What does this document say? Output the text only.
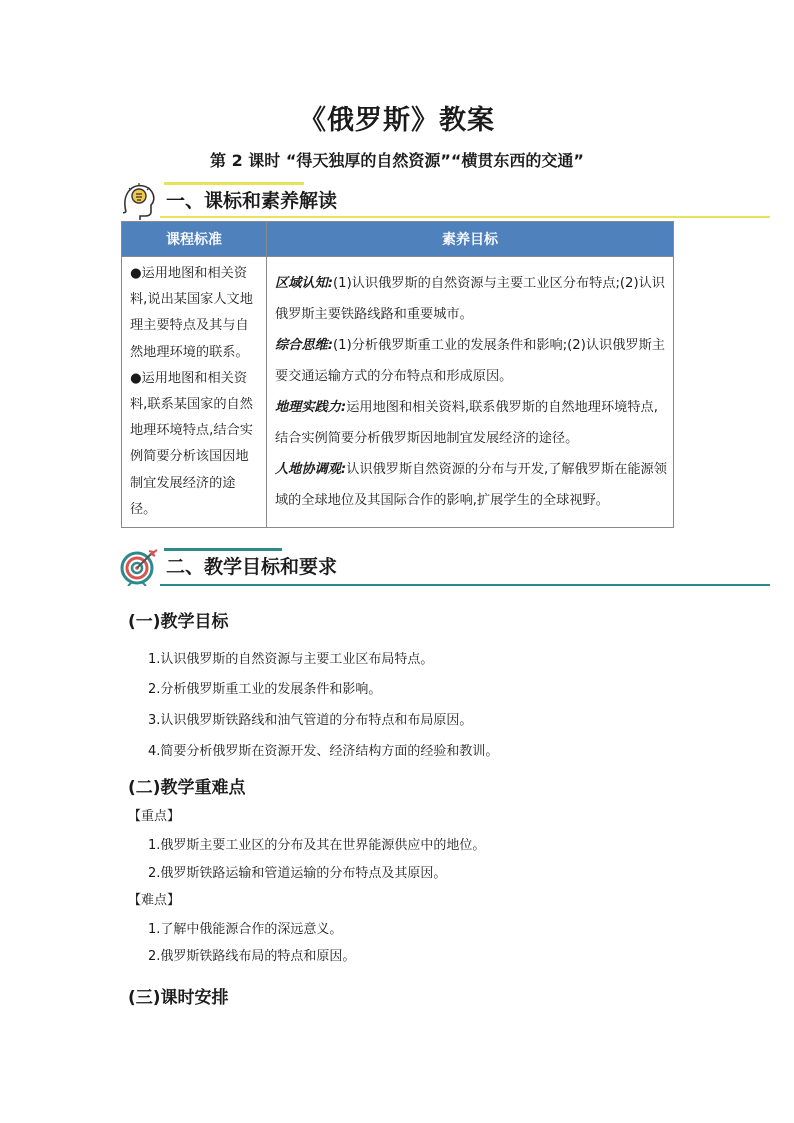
《俄罗斯》教案
第 2 课时 “得天独厚的自然资源”“横贯东西的交通”
一、课标和素养解读
课程标准	素养目标
●运用地图和相关资料,说出某国家人文地理主要特点及其与自然地理环境的联系。●运用地图和相关资料,联系某国家的自然地理环境特点,结合实例简要分析该国因地制宜发展经济的途径。	区域认知:(1)认识俄罗斯的自然资源与主要工业区分布特点;(2)认识俄罗斯主要铁路线路和重要城市。
综合思维:(1)分析俄罗斯重工业的发展条件和影响;(2)认识俄罗斯主要交通运输方式的分布特点和形成原因。
地理实践力:运用地图和相关资料,联系俄罗斯的自然地理环境特点,结合实例简要分析俄罗斯因地制宜发展经济的途径。
人地协调观:认识俄罗斯自然资源的分布与开发,了解俄罗斯在能源领域的全球地位及其国际合作的影响,扩展学生的全球视野。
二、教学目标和要求
(一)教学目标
1.认识俄罗斯的自然资源与主要工业区布局特点。
2.分析俄罗斯重工业的发展条件和影响。
3.认识俄罗斯铁路线和油气管道的分布特点和布局原因。
4.简要分析俄罗斯在资源开发、经济结构方面的经验和教训。
(二)教学重难点
【重点】
1.俄罗斯主要工业区的分布及其在世界能源供应中的地位。
2.俄罗斯铁路运输和管道运输的分布特点及其原因。
【难点】
1.了解中俄能源合作的深远意义。
2.俄罗斯铁路线布局的特点和原因。
(三)课时安排
